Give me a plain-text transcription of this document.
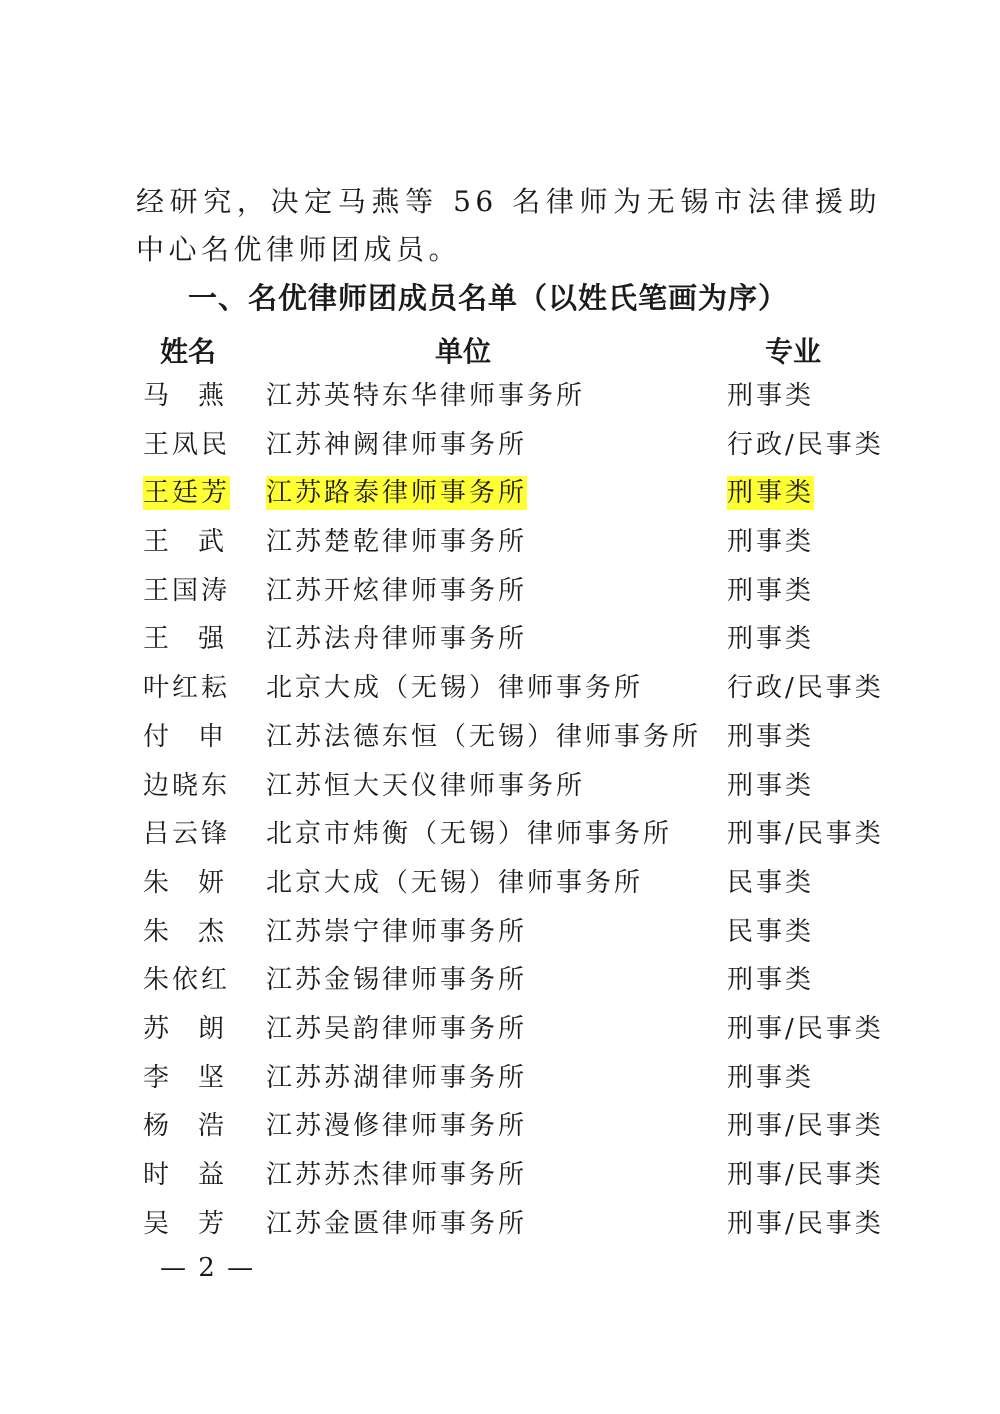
经研究，决定马燕等 56 名律师为无锡市法律援助中心名优律师团成员。

一、名优律师团成员名单（以姓氏笔画为序）
姓名	单位	专业
马 燕 江苏英特东华律师事务所	刑事类
王凤民 江苏神阙律师事务所	行政/民事类
王廷芳 江苏路泰律师事务所	刑事类
王 武 江苏楚乾律师事务所	刑事类
王国涛 江苏开炫律师事务所	刑事类
王 强 江苏法舟律师事务所	刑事类
叶红耘 北京大成（无锡）律师事务所	行政/民事类
付 申 江苏法德东恒（无锡）律师事务所 刑事类
边晓东 江苏恒大天仪律师事务所	刑事类
吕云锋 北京市炜衡（无锡）律师事务所 刑事/民事类
朱 妍 北京大成（无锡）律师事务所	民事类
朱 杰 江苏崇宁律师事务所	民事类
朱依红 江苏金锡律师事务所	刑事类
苏 朗 江苏吴韵律师事务所	刑事/民事类
李 坚 江苏苏湖律师事务所	刑事类
杨 浩 江苏漫修律师事务所	刑事/民事类
时 益 江苏苏杰律师事务所	刑事/民事类
吴 芳 江苏金匮律师事务所	刑事/民事类
— 2 —
